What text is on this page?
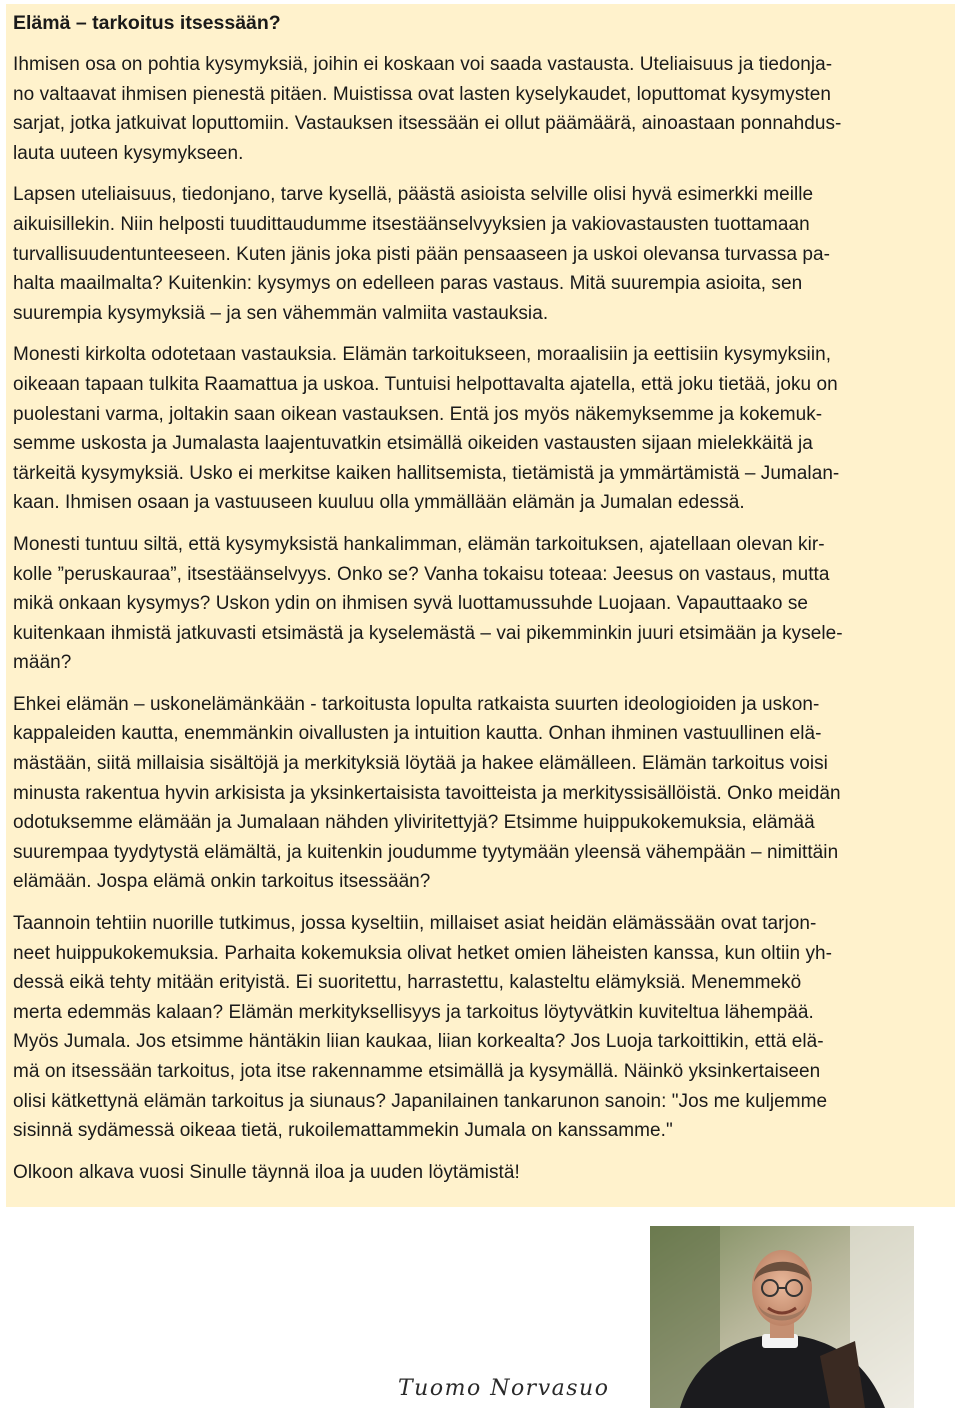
Elämä – tarkoitus itsessään?

Ihmisen osa on pohtia kysymyksiä, joihin ei koskaan voi saada vastausta. Uteliaisuus ja tiedonja-
no valtaavat ihmisen pienestä pitäen. Muistissa ovat lasten kyselykaudet, loputtomat kysymysten
sarjat, jotka jatkuivat loputtomiin. Vastauksen itsessään ei ollut päämäärä, ainoastaan ponnahdus-
lauta uuteen kysymykseen.

Lapsen uteliaisuus, tiedonjano, tarve kysellä, päästä asioista selville olisi hyvä esimerkki meille
aikuisillekin. Niin helposti tuudittaudumme itsestäänselvyyksien ja vakiovastausten tuottamaan
turvallisuudentunteeseen. Kuten jänis joka pisti pään pensaaseen ja uskoi olevansa turvassa pa-
halta maailmalta? Kuitenkin: kysymys on edelleen paras vastaus. Mitä suurempia asioita, sen
suurempia kysymyksiä – ja sen vähemmän valmiita vastauksia.

Monesti kirkolta odotetaan vastauksia. Elämän tarkoitukseen, moraalisiin ja eettisiin kysymyksiin,
oikeaan tapaan tulkita Raamattua ja uskoa. Tuntuisi helpottavalta ajatella, että joku tietää, joku on
puolestani varma, joltakin saan oikean vastauksen. Entä jos myös näkemyksemme ja kokemuk-
semme uskosta ja Jumalasta laajentuvatkin etsimällä oikeiden vastausten sijaan mielekkäitä ja
tärkeitä kysymyksiä. Usko ei merkitse kaiken hallitsemista, tietämistä ja ymmärtämistä – Jumalan-
kaan. Ihmisen osaan ja vastuuseen kuuluu olla ymmällään elämän ja Jumalan edessä.

Monesti tuntuu siltä, että kysymyksistä hankalimman, elämän tarkoituksen, ajatellaan olevan kir-
kolle ”peruskauraa”, itsestäänselvyys. Onko se? Vanha tokaisu toteaa: Jeesus on vastaus, mutta
mikä onkaan kysymys? Uskon ydin on ihmisen syvä luottamussuhde Luojaan. Vapauttaako se
kuitenkaan ihmistä jatkuvasti etsimästä ja kyselemästä – vai pikemminkin juuri etsimään ja kysele-
mään?

Ehkei elämän – uskonelämänkään - tarkoitusta lopulta ratkaista suurten ideologioiden ja uskon-
kappaleiden kautta, enemmänkin oivallusten ja intuition kautta. Onhan ihminen vastuullinen elä-
mästään, siitä millaisia sisältöjä ja merkityksiä löytää ja hakee elämälleen. Elämän tarkoitus voisi
minusta rakentua hyvin arkisista ja yksinkertaisista tavoitteista ja merkityssisällöistä. Onko meidän
odotuksemme elämään ja Jumalaan nähden yliviritettyjä? Etsimme huippukokemuksia, elämää
suurempaa tyydytystä elämältä, ja kuitenkin joudumme tyytymään yleensä vähempään – nimittäin
elämään. Jospa elämä onkin tarkoitus itsessään?

Taannoin tehtiin nuorille tutkimus, jossa kyseltiin, millaiset asiat heidän elämässään ovat tarjon-
neet huippukokemuksia. Parhaita kokemuksia olivat hetket omien läheisten kanssa, kun oltiin yh-
dessä eikä tehty mitään erityistä. Ei suoritettu, harrastettu, kalasteltu elämyksiä. Menemmekö
merta edemmäs kalaan? Elämän merkityksellisyys ja tarkoitus löytyvätkin kuviteltua lähempää.
Myös Jumala. Jos etsimme häntäkin liian kaukaa, liian korkealta? Jos Luoja tarkoittikin, että elä-
mä on itsessään tarkoitus, jota itse rakennamme etsimällä ja kysymällä. Näinkö yksinkertaiseen
olisi kätkettynä elämän tarkoitus ja siunaus? Japanilainen tankarunon sanoin: "Jos me kuljemme
sisinnä sydämessä oikeaa tietä, rukoilemattammekin Jumala on kanssamme."

Olkoon alkava vuosi Sinulle täynnä iloa ja uuden löytämistä!

Tuomo Norvasuo
